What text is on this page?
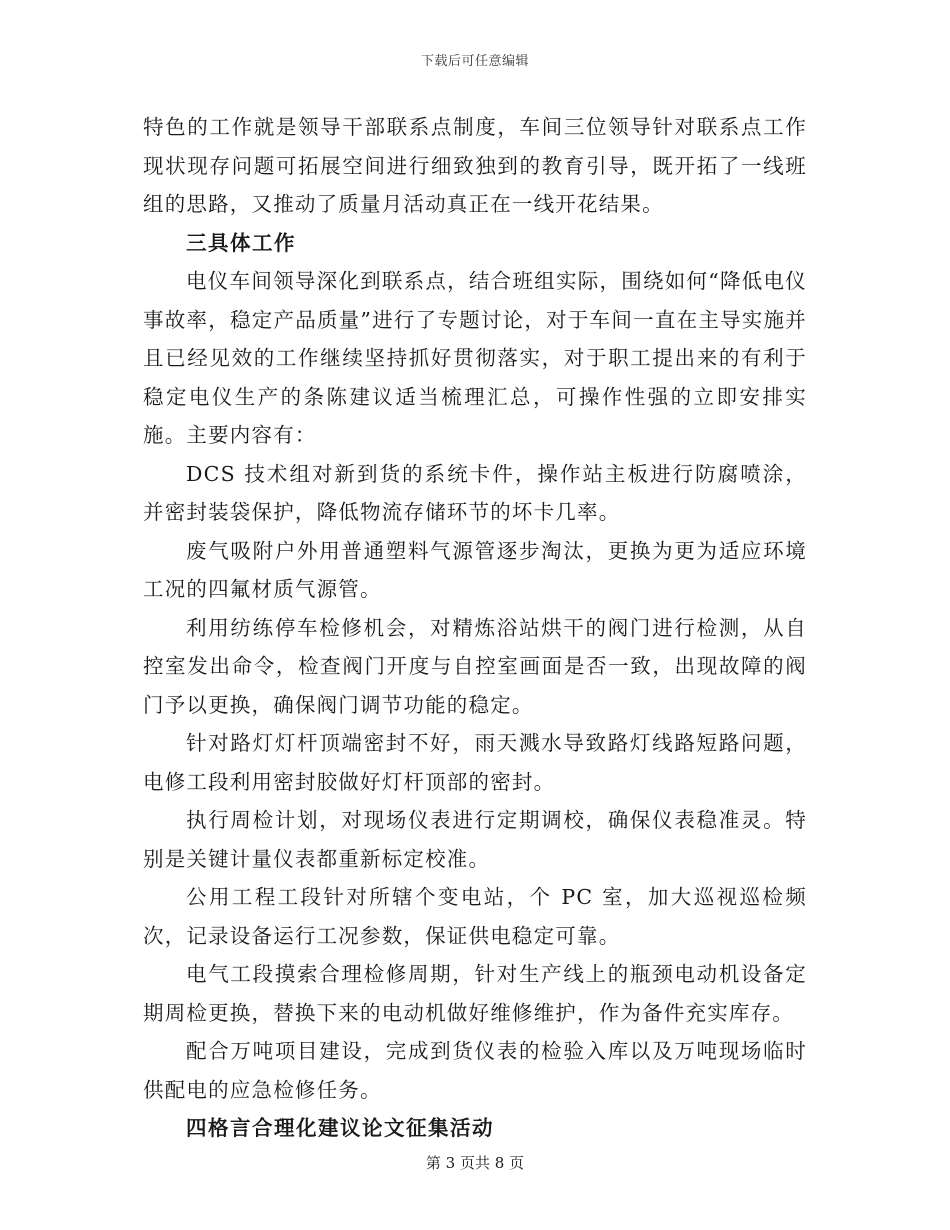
下载后可任意编辑

特色的工作就是领导干部联系点制度，车间三位领导针对联系点工作现状现存问题可拓展空间进行细致独到的教育引导，既开拓了一线班组的思路，又推动了质量月活动真正在一线开花结果。

三具体工作

电仪车间领导深化到联系点，结合班组实际，围绕如何“降低电仪事故率，稳定产品质量”进行了专题讨论，对于车间一直在主导实施并且已经见效的工作继续坚持抓好贯彻落实，对于职工提出来的有利于稳定电仪生产的条陈建议适当梳理汇总，可操作性强的立即安排实施。主要内容有：

DCS 技术组对新到货的系统卡件，操作站主板进行防腐喷涂，并密封装袋保护，降低物流存储环节的坏卡几率。

废气吸附户外用普通塑料气源管逐步淘汰，更换为更为适应环境工况的四氟材质气源管。

利用纺练停车检修机会，对精炼浴站烘干的阀门进行检测，从自控室发出命令，检查阀门开度与自控室画面是否一致，出现故障的阀门予以更换，确保阀门调节功能的稳定。

针对路灯灯杆顶端密封不好，雨天溅水导致路灯线路短路问题，电修工段利用密封胶做好灯杆顶部的密封。

执行周检计划，对现场仪表进行定期调校，确保仪表稳准灵。特别是关键计量仪表都重新标定校准。

公用工程工段针对所辖个变电站，个 PC 室，加大巡视巡检频次，记录设备运行工况参数，保证供电稳定可靠。

电气工段摸索合理检修周期，针对生产线上的瓶颈电动机设备定期周检更换，替换下来的电动机做好维修维护，作为备件充实库存。

配合万吨项目建设，完成到货仪表的检验入库以及万吨现场临时供配电的应急检修任务。

四格言合理化建议论文征集活动

第 3 页共 8 页
